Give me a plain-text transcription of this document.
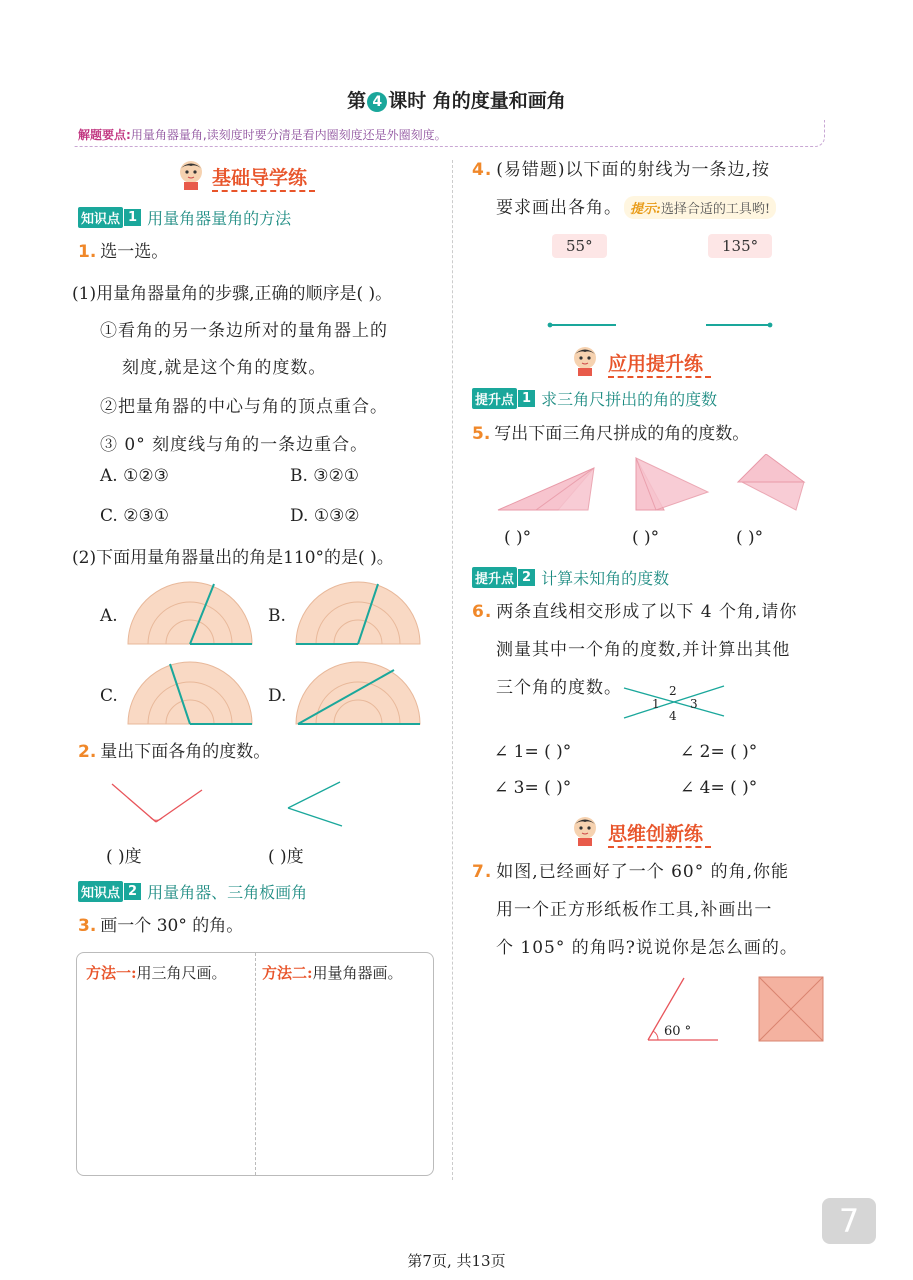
第 4 课时 角的度量和画角
解题要点:用量角器量角,读刻度时要分清是看内圈刻度还是外圈刻度。
基础导学练
知识点 1 用量角器量角的方法
1. 选一选。
(1)用量角器量角的步骤,正确的顺序是( )。
①看角的另一条边所对的量角器上的
刻度,就是这个角的度数。
②把量角器的中心与角的顶点重合。
③ 0° 刻度线与角的一条边重合。
A. ①②③	B. ③②①
C. ②③①	D. ①③②
(2)下面用量角器量出的角是110°的是( )。
A.	B.
C.	D.
2. 量出下面各角的度数。
( )度	( )度
知识点 2 用量角器、三角板画角
3. 画一个 30° 的角。
方法一:用三角尺画。 方法二:用量角器画。
4. (易错题)以下面的射线为一条边,按
要求画出各角。 提示:选择合适的工具哟!
55°	135°
应用提升练
提升点 1 求三角尺拼出的角的度数
5. 写出下面三角尺拼成的角的度数。
( )°	( )°	( )°
提升点 2 计算未知角的度数
6. 两条直线相交形成了以下 4 个角,请你
测量其中一个角的度数,并计算出其他
三个角的度数。	2
1	3
4
∠ 1= ( )°	∠ 2= ( )°
∠ 3= ( )°	∠ 4= ( )°
思维创新练
7. 如图,已经画好了一个 60° 的角,你能
用一个正方形纸板作工具,补画出一
个 105° 的角吗?说说你是怎么画的。
60 °
7
第7页, 共13页
